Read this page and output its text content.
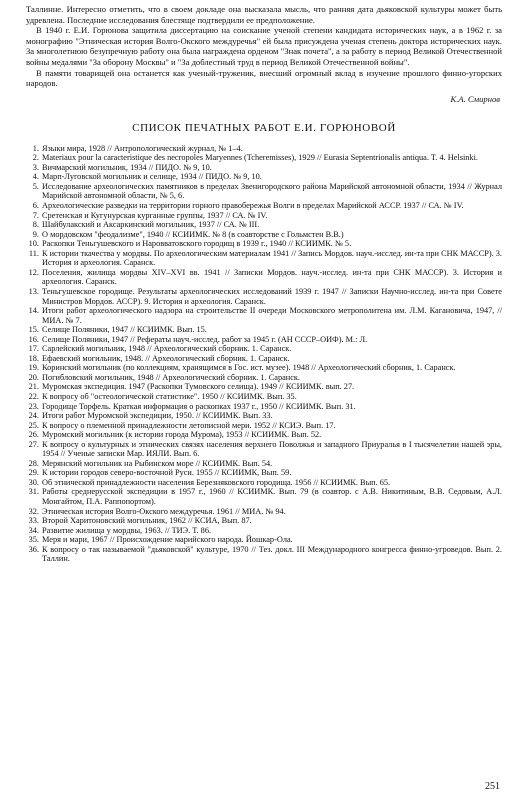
Таллинне. Интересно отметить, что в своем докладе она высказала мысль, что ранняя дата дьяковской культуры может быть удревлена. Последние исследования блестяще подтвердили ее предположение.

В 1940 г. Е.И. Горюнова защитила диссертацию на соискание ученой степени кандидата исторических наук, а в 1962 г. за монографию "Этническая история Волго-Окского междуречья" ей была присуждена ученая степень доктора исторических наук. За многолетнюю безупречную работу она была награждена орденом "Знак почета", а за работу в период Великой Отечественной войны медалями "За оборону Москвы" и "За доблестный труд в период Великой Отечественной войны".

В памяти товарищей она останется как ученый-труженик, внесший огромный вклад в изучение прошлого финно-угорских народов.

К.А. Смирнов
СПИСОК ПЕЧАТНЫХ РАБОТ Е.И. ГОРЮНОВОЙ
1. Языки мира, 1928 // Антропологический журнал, № 1–4.
2. Materiaux pour la caracteristique des necropoles Maryennes (Tcheremisses), 1929 // Eurasia Septentrionalis antiqua. T. 4. Helsinki.
3. Вичмарский могильник, 1934 // ПИДО. № 9, 10.
4. Марп-Луговской могильник и селище, 1934 // ПИДО. № 9, 10.
5. Исследование археологических памятников в пределах Звенигородского района Марийской автономной области, 1934 // Журнал Марийской автономной области, № 5, 6.
6. Археологические разведки на территории горного правобережья Волги в пределах Марийской АССР. 1937 // СА. № IV.
7. Сретенская и Кугунурская курганные группы, 1937 // СА. № IV.
8. Шайбулакский и Аксаркинский могильник, 1937 // СА. № III.
9. О мордовском "феодализме", 1940 // КСИИМК. № 8 (в соавторстве с Гольмстен В.В.)
10. Раскопки Теньгушевского и Наровватовского городищ в 1939 г., 1940 // КСИИМК. № 5.
11. К истории ткачества у мордвы. По археологическим материалам 1941 // Запись Мордов. науч.-исслед. ин-та при СНК МАССР). 3. История и археология. Саранск.
12. Поселения, жилища мордвы XIV–XVI вв. 1941 // Записки Мордов. науч.-исслед. ин-та при СНК МАССР). 3. История и археология. Саранск.
13. Теньгушевское городище. Результаты археологических исследований 1939 г. 1947 // Записки Научно-исслед. ин-та при Совете Министров Мордов. АССР). 9. История и археология. Саранск.
14. Итоги работ археологического надзора на строительстве II очереди Московского метрополитена им. Л.М. Кагановича, 1947, // МИА. № 7.
15. Селище Поляники, 1947 // КСИИМК. Вып. 15.
16. Селище Поляники, 1947 // Рефераты науч.-исслед. работ за 1945 г. (АН СССР–ОИФ). М.: Л.
17. Сарлейский могильник, 1948 // Археологический сборник. 1. Саранск.
18. Ефаевский могильник, 1948. // Археологический сборник. 1. Саранск.
19. Коринский могильник (по коллекциям, хранящимся в Гос. ист. музее). 1948 // Археологический сборник, 1. Саранск.
20. Погибловский могильник, 1948 // Археологический сборник. 1. Саранск.
21. Муромская экспедиция. 1947 (Раскопки Тумовского селища). 1949 // КСИИМК. вып. 27.
22. К вопросу об "остеологической статистике". 1950 // КСИИМК. Вып. 35.
23. Городище Торфель. Краткая информация о раскопках 1937 г., 1950 // КСИИМК. Вып. 31.
24. Итоги работ Муромской экспедиции, 1950. // КСИИМК. Вып. 33.
25. К вопросу о племенной принадлежности летописной мери. 1952 // КСИЭ. Вып. 17.
26. Муромский могильник (к истории города Мурома), 1953 // КСИИМК. Вып. 52.
27. К вопросу о культурных и этнических связях населения верхнего Поволжья и западного Приуралья в I тысячелетии нашей эры, 1954 // Ученые записки Мар. ИЯЛИ. Вып. 6.
28. Мерянский могильник на Рыбинском море // КСИИМК. Вып. 54.
29. К истории городов северо-восточной Руси. 1955 // КСИИМК, Вып. 59.
30. Об этнической принадлежности населения Березняковского городища. 1956 // КСИИМК. Вып. 65.
31. Работы среднерусской экспедиции в 1957 г., 1960 // КСИИМК. Вып. 79 (в соавтор. с А.В. Никитиным, В.В. Седовым, А.Л. Монгайтом, П.А. Раппопортом).
32. Этническая история Волго-Окского междуречья. 1961 // МИА. № 94.
33. Второй Харитоновский могильник, 1962 // КСИА, Вып. 87.
34. Развитие жилища у мордвы, 1963. // ТИЭ. Т. 86.
35. Меря и мари, 1967 // Происхождение марийского народа. Йошкар-Ола.
36. К вопросу о так называемой "дьяковской" культуре, 1970 // Тез. докл. III Международного конгресса финно-угроведов. Вып. 2. Таллин.
251
